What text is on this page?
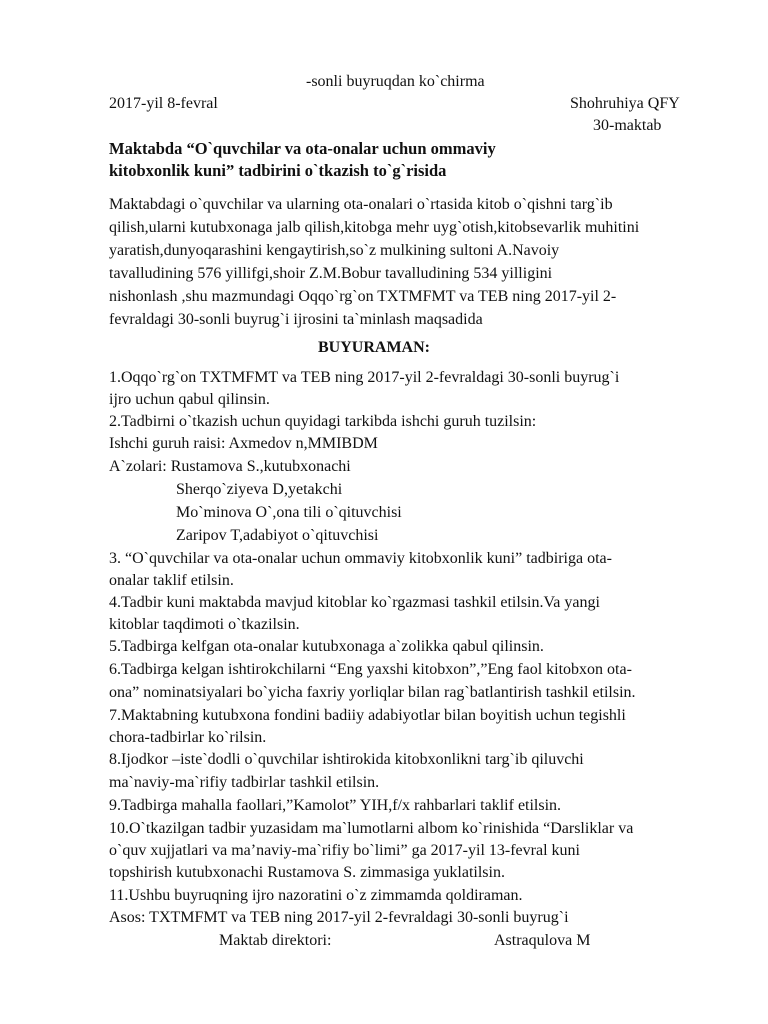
-sonli buyruqdan ko`chirma
2017-yil 8-fevral	Shohruhiya QFY
30-maktab
Maktabda “O`quvchilar va ota-onalar uchun ommaviy
kitobxonlik kuni” tadbirini o`tkazish to`g`risida
Maktabdagi o`quvchilar va ularning ota-onalari o`rtasida kitob o`qishni targ`ib
qilish,ularni kutubxonaga jalb qilish,kitobga mehr uyg`otish,kitobsevarlik muhitini
yaratish,dunyoqarashini kengaytirish,so`z mulkining sultoni A.Navoiy
tavalludining 576 yillifgi,shoir Z.M.Bobur tavalludining 534 yilligini
nishonlash ,shu mazmundagi Oqqo`rg`on TXTMFMT va TEB ning 2017-yil 2-
fevraldagi 30-sonli buyrug`i ijrosini ta`minlash maqsadida
BUYURAMAN:
1.Oqqo`rg`on TXTMFMT va TEB ning 2017-yil 2-fevraldagi 30-sonli buyrug`i
ijro uchun qabul qilinsin.
2.Tadbirni o`tkazish uchun quyidagi tarkibda ishchi guruh tuzilsin:
Ishchi guruh raisi: Axmedov n,MMIBDM
A`zolari: Rustamova S.,kutubxonachi
Sherqo`ziyeva D,yetakchi
Mo`minova O`,ona tili o`qituvchisi
Zaripov T,adabiyot o`qituvchisi
3. “O`quvchilar va ota-onalar uchun ommaviy kitobxonlik kuni” tadbiriga ota-
onalar taklif etilsin.
4.Tadbir kuni maktabda mavjud kitoblar ko`rgazmasi tashkil etilsin.Va yangi
kitoblar taqdimoti o`tkazilsin.
5.Tadbirga kelfgan ota-onalar kutubxonaga a`zolikka qabul qilinsin.
6.Tadbirga kelgan ishtirokchilarni “Eng yaxshi kitobxon”,”Eng faol kitobxon ota-
ona” nominatsiyalari bo`yicha faxriy yorliqlar bilan rag`batlantirish tashkil etilsin.
7.Maktabning kutubxona fondini badiiy adabiyotlar bilan boyitish uchun tegishli
chora-tadbirlar ko`rilsin.
8.Ijodkor –iste`dodli o`quvchilar ishtirokida kitobxonlikni targ`ib qiluvchi
ma`naviy-ma`rifiy tadbirlar tashkil etilsin.
9.Tadbirga mahalla faollari,”Kamolot” YIH,f/x rahbarlari taklif etilsin.
10.O`tkazilgan tadbir yuzasidam ma`lumotlarni albom ko`rinishida “Darsliklar va
o`quv xujjatlari va ma’naviy-ma`rifiy bo`limi” ga 2017-yil 13-fevral kuni
topshirish kutubxonachi Rustamova S. zimmasiga yuklatilsin.
11.Ushbu buyruqning ijro nazoratini o`z zimmamda qoldiraman.
Asos: TXTMFMT va TEB ning 2017-yil 2-fevraldagi 30-sonli buyrug`i
Maktab direktori:	Astraqulova M
